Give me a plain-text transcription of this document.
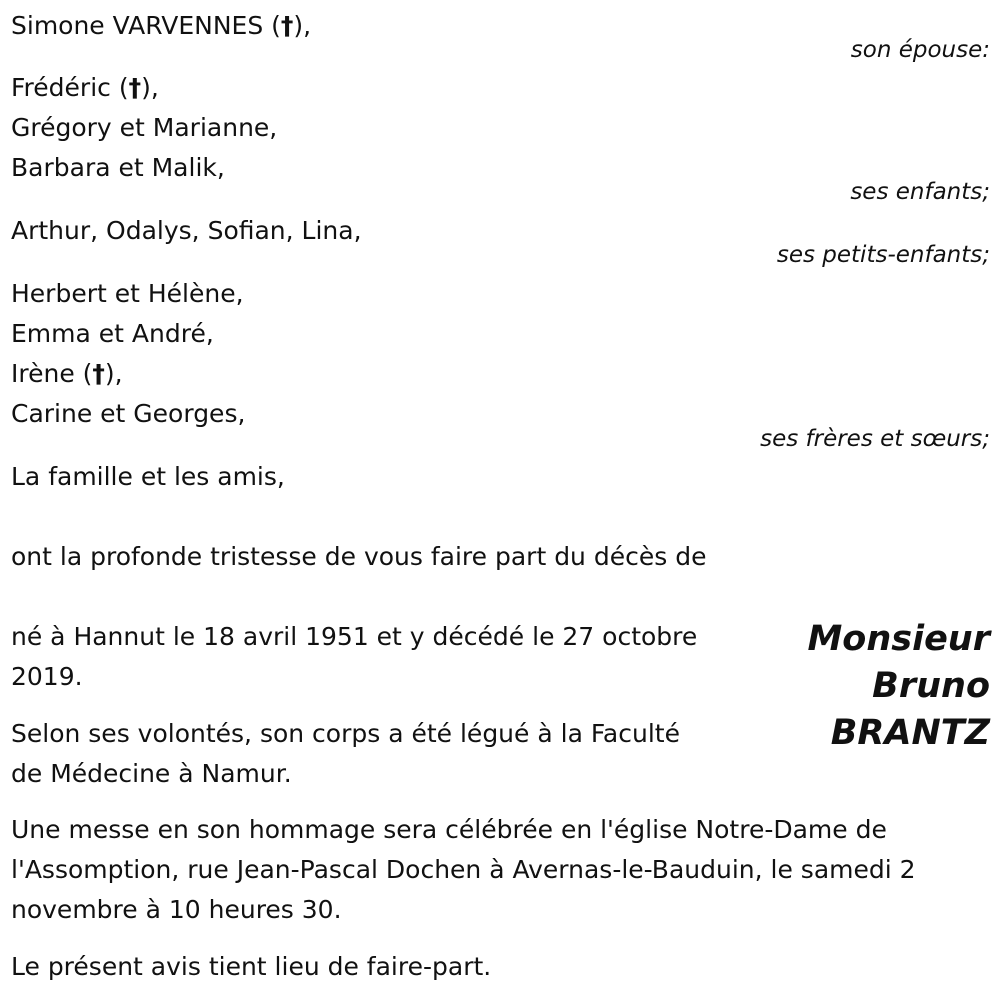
Simone VARVENNES (†),
son épouse:
Frédéric (†),
Grégory et Marianne,
Barbara et Malik,
ses enfants;
Arthur, Odalys, Sofian, Lina,
ses petits-enfants;
Herbert et Hélène,
Emma et André,
Irène (†),
Carine et Georges,
ses frères et sœurs;
La famille et les amis,
ont la profonde tristesse de vous faire part du décès de
Monsieur
Bruno
BRANTZ
né à Hannut le 18 avril 1951 et y décédé le 27 octobre
2019.
Selon ses volontés, son corps a été légué à la Faculté
de Médecine à Namur.
Une messe en son hommage sera célébrée en l'église Notre-Dame de
l'Assomption, rue Jean-Pascal Dochen à Avernas-le-Bauduin, le samedi 2
novembre à 10 heures 30.
Le présent avis tient lieu de faire-part.
